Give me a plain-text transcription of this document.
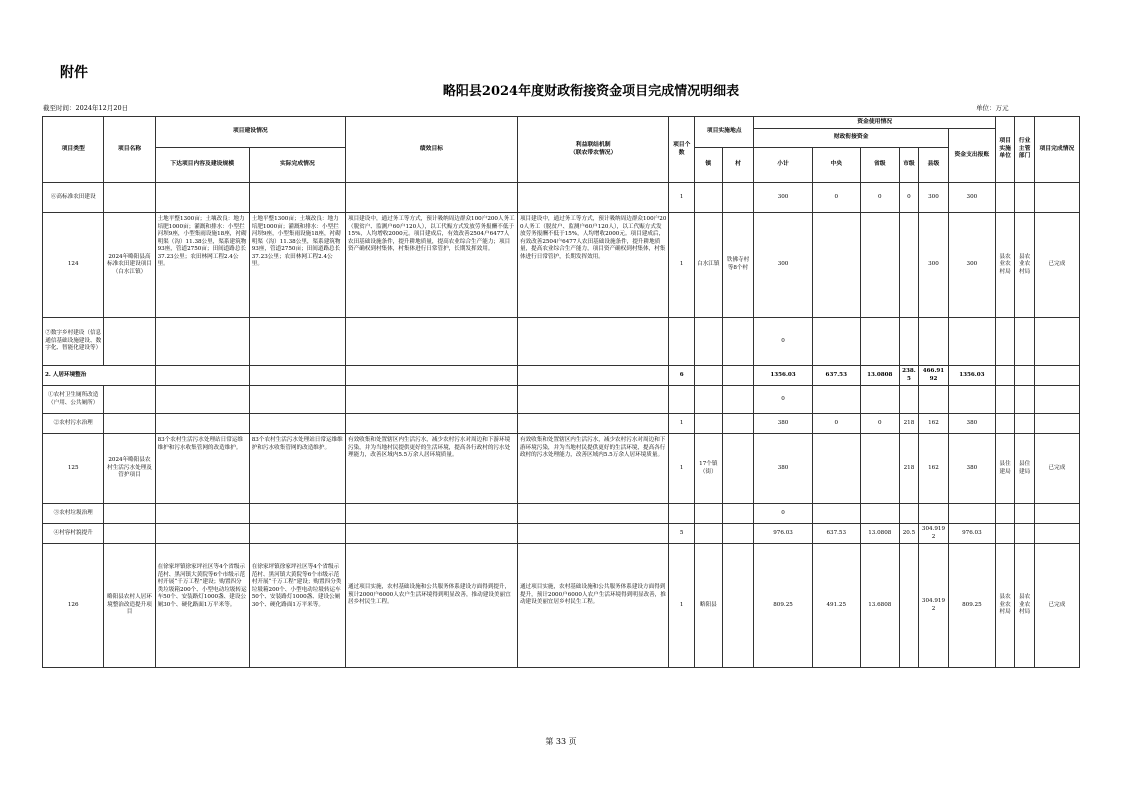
附件
略阳县2024年度财政衔接资金项目完成情况明细表
截至时间：2024年12月20日	单位：万元
项目类型	项目名称	项目建设情况		绩效目标	利益联结机制
（联农带农情况）	项目个数	项目实施地点		资金使用情况						项目实施单位	行业主管部门	项目完成情况
									财政衔接资金					资金支出报账			
		下达项目内容及建设规模	实际完成情况				镇	村	小计	中央	省级	市级	县级				
⑥高标准农田建设						1			300	0	0	0	300	300			
124	2024年略阳县高标准农田建设项目（白水江镇）	土地平整1300亩；土壤改良：地力培肥1000亩；灌溉和排水：小型拦河坝9座，小型集雨设施18座，衬砌明渠（沟）11.38公里，渠系建筑物93座，管道2750亩；田间道路总长37.23公里；农田林网工程2.4公里。	土地平整1300亩；土壤改良：地力培肥1000亩；灌溉和排水：小型拦河坝9座，小型集雨设施18座，衬砌明渠（沟）11.38公里，渠系建筑物93座，管道2750亩；田间道路总长37.23公里；农田林网工程2.4公里。	项目建设中，通过务工等方式，预计吸纳周边群众100户200人务工（脱贫户、监测户60户120人），以工代赈方式发放劳务报酬不低于15%，人均增收2000元。项目建成后，有效改善2504户6477人农田基础设施条件，提升耕地质量，提高农业综合生产能力；项目资产确权到村集体，村集体进行日常管护，长期发挥效用。	项目建设中，通过务工等方式，预计吸纳周边群众100户200人务工（脱贫户、监测户60户120人），以工代赈方式发放劳务报酬不低于15%，人均增收2000元。项目建成后，有效改善2504户6477人农田基础设施条件，提升耕地质量，提高农业综合生产能力，项目资产确权到村集体，村集体进行日常管护，长期发挥效用。	1	白水江镇	铁佛寺村等8个村	300				300	300	县农业农村局	县农业农村局	已完成
⑦数字乡村建设（信息通信基础设施建设、数字化、智能化建设等）									0								
2. 人居环境整治						6			1356.03	637.53	13.0808	238.5	466.9192	1356.03			
①农村卫生厕所改造（户用、公共厕所）									0								
②农村污水治理						1			380	0	0	218	162	380			
125	2024年略阳县农村生活污水处理及管护项目	83个农村生活污水处理站日常运维维护和污水收集管网的改造维护。	83个农村生活污水处理站日常运维维护和污水收集管网的改造维护。	有效收集和处置辖区内生活污水，减少农村污水对周边和下游环境污染，并为当地村民提供更好的生活环境，提高各行政村的污水处理能力，改善区域内5.5万余人居环境质量。	有效收集和处置辖区内生活污水，减少农村污水对周边和下游环境污染，并为当地村民提供更好的生活环境，提高各行政村的污水处理能力，改善区域内5.5万余人居环境质量。	1	17个镇（街）		380			218	162	380	县住建局	县住建局	已完成
③农村垃圾治理									0								
④村容村貌提升						5			976.03	637.53	13.0808	20.5	304.9192	976.03			
126	略阳县农村人居环境整治改造提升项目	在徐家坪镇徐家坪社区等4个省级示范村、黑河镇大黄院等6个市级示范村开展“千万工程”建设；购置四分类垃圾箱200个、小型电动垃圾转运车50个、安装路灯1000盏、建设公厕30个、硬化路面1万平米等。	在徐家坪镇徐家坪社区等4个省级示范村、黑河镇大黄院等6个市级示范村开展“千万工程”建设；购置四分类垃圾箱200个、小型电动垃圾转运车50个、安装路灯1000盏、建设公厕30个、硬化路面1万平米等。	通过项目实施，农村基础设施和公共服务体系建设方面得到提升，预计2000户6000人农户生活环境得到明显改善，推动建设美丽宜居乡村民生工程。	通过项目实施，农村基础设施和公共服务体系建设方面得到提升，预计2000户6000人农户生活环境得到明显改善，推动建设美丽宜居乡村民生工程。	1	略阳县		809.25	491.25	13.6808		304.9192	809.25	县农业农村局	县农业农村局	已完成
第 33 页
